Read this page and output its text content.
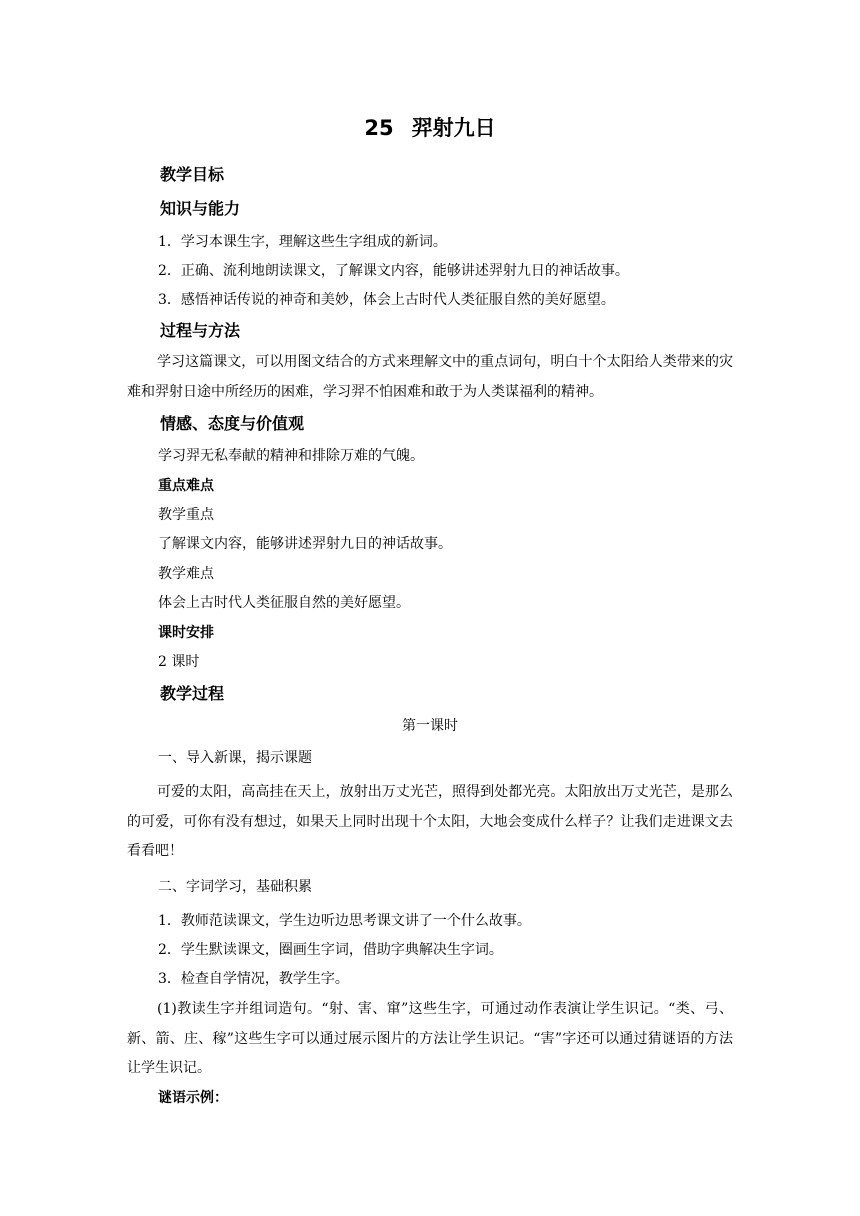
25 羿射九日
教学目标
知识与能力
1．学习本课生字，理解这些生字组成的新词。
2．正确、流利地朗读课文，了解课文内容，能够讲述羿射九日的神话故事。
3．感悟神话传说的神奇和美妙，体会上古时代人类征服自然的美好愿望。
过程与方法

学习这篇课文，可以用图文结合的方式来理解文中的重点词句，明白十个太阳给人类带来的灾难和羿射日途中所经历的困难，学习羿不怕困难和敢于为人类谋福利的精神。

情感、态度与价值观
学习羿无私奉献的精神和排除万难的气魄。
重点难点
教学重点
了解课文内容，能够讲述羿射九日的神话故事。
教学难点
体会上古时代人类征服自然的美好愿望。
课时安排
2 课时
教学过程
第一课时
一、导入新课，揭示课题

可爱的太阳，高高挂在天上，放射出万丈光芒，照得到处都光亮。太阳放出万丈光芒，是那么的可爱，可你有没有想过，如果天上同时出现十个太阳，大地会变成什么样子？让我们走进课文去看看吧！

二、字词学习，基础积累
1．教师范读课文，学生边听边思考课文讲了一个什么故事。
2．学生默读课文，圈画生字词，借助字典解决生字词。
3．检查自学情况，教学生字。

(1)教读生字并组词造句。“射、害、窜”这些生字，可通过动作表演让学生识记。“类、弓、新、箭、庄、稼”这些生字可以通过展示图片的方法让学生识记。“害”字还可以通过猜谜语的方法让学生识记。

谜语示例：
